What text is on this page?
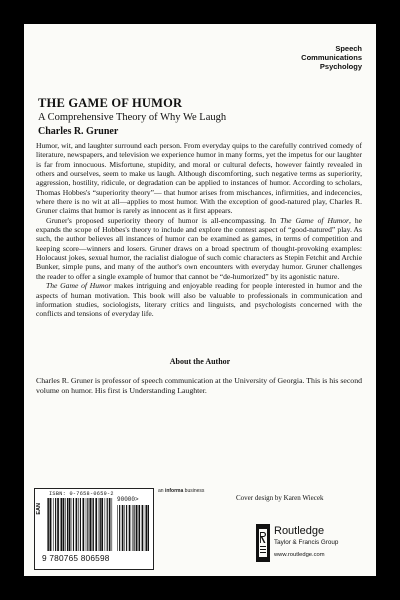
Speech
Communications
Psychology
THE GAME OF HUMOR
A Comprehensive Theory of Why We Laugh
Charles R. Gruner

Humor, wit, and laughter surround each person. From everyday quips to the carefully contrived comedy of literature, newspapers, and television we experience humor in many forms, yet the impetus for our laughter is far from innocuous. Misfortune, stupidity, and moral or cultural defects, however faintly revealed in others and ourselves, seem to make us laugh. Although discomforting, such negative terms as superiority, aggression, hostility, ridicule, or degradation can be applied to instances of humor. According to scholars, Thomas Hobbes's “superiority theory”— that humor arises from mischances, infirmities, and indecencies, where there is no wit at all—applies to most humor. With the exception of good-natured play, Charles R. Gruner claims that humor is rarely as innocent as it first appears.

Gruner's proposed superiority theory of humor is all-encompassing. In The Game of Humor, he expands the scope of Hobbes's theory to include and explore the contest aspect of “good-natured” play. As such, the author believes all instances of humor can be examined as games, in terms of competition and keeping score—winners and losers. Gruner draws on a broad spectrum of thought-provoking examples: Holocaust jokes, sexual humor, the racialist dialogue of such comic characters as Stepin Fetchit and Archie Bunker, simple puns, and many of the author's own encounters with everyday humor. Gruner challenges the reader to offer a single example of humor that cannot be “de-humorized” by its agonistic nature.

The Game of Humor makes intriguing and enjoyable reading for people interested in humor and the aspects of human motivation. This book will also be valuable to professionals in communication and information studies, sociologists, literary critics and linguists, and psychologists concerned with the conflicts and tensions of everyday life.

About the Author
Charles R. Gruner is professor of speech communication at the University of Georgia. This is his second volume on humor. His first is Understanding Laughter.
ISBN: 0-7658-0659-2
EAN
90000>
9 780765 806598
an informa business
Cover design by Karen Wiecek
Routledge
Taylor & Francis Group
www.routledge.com
